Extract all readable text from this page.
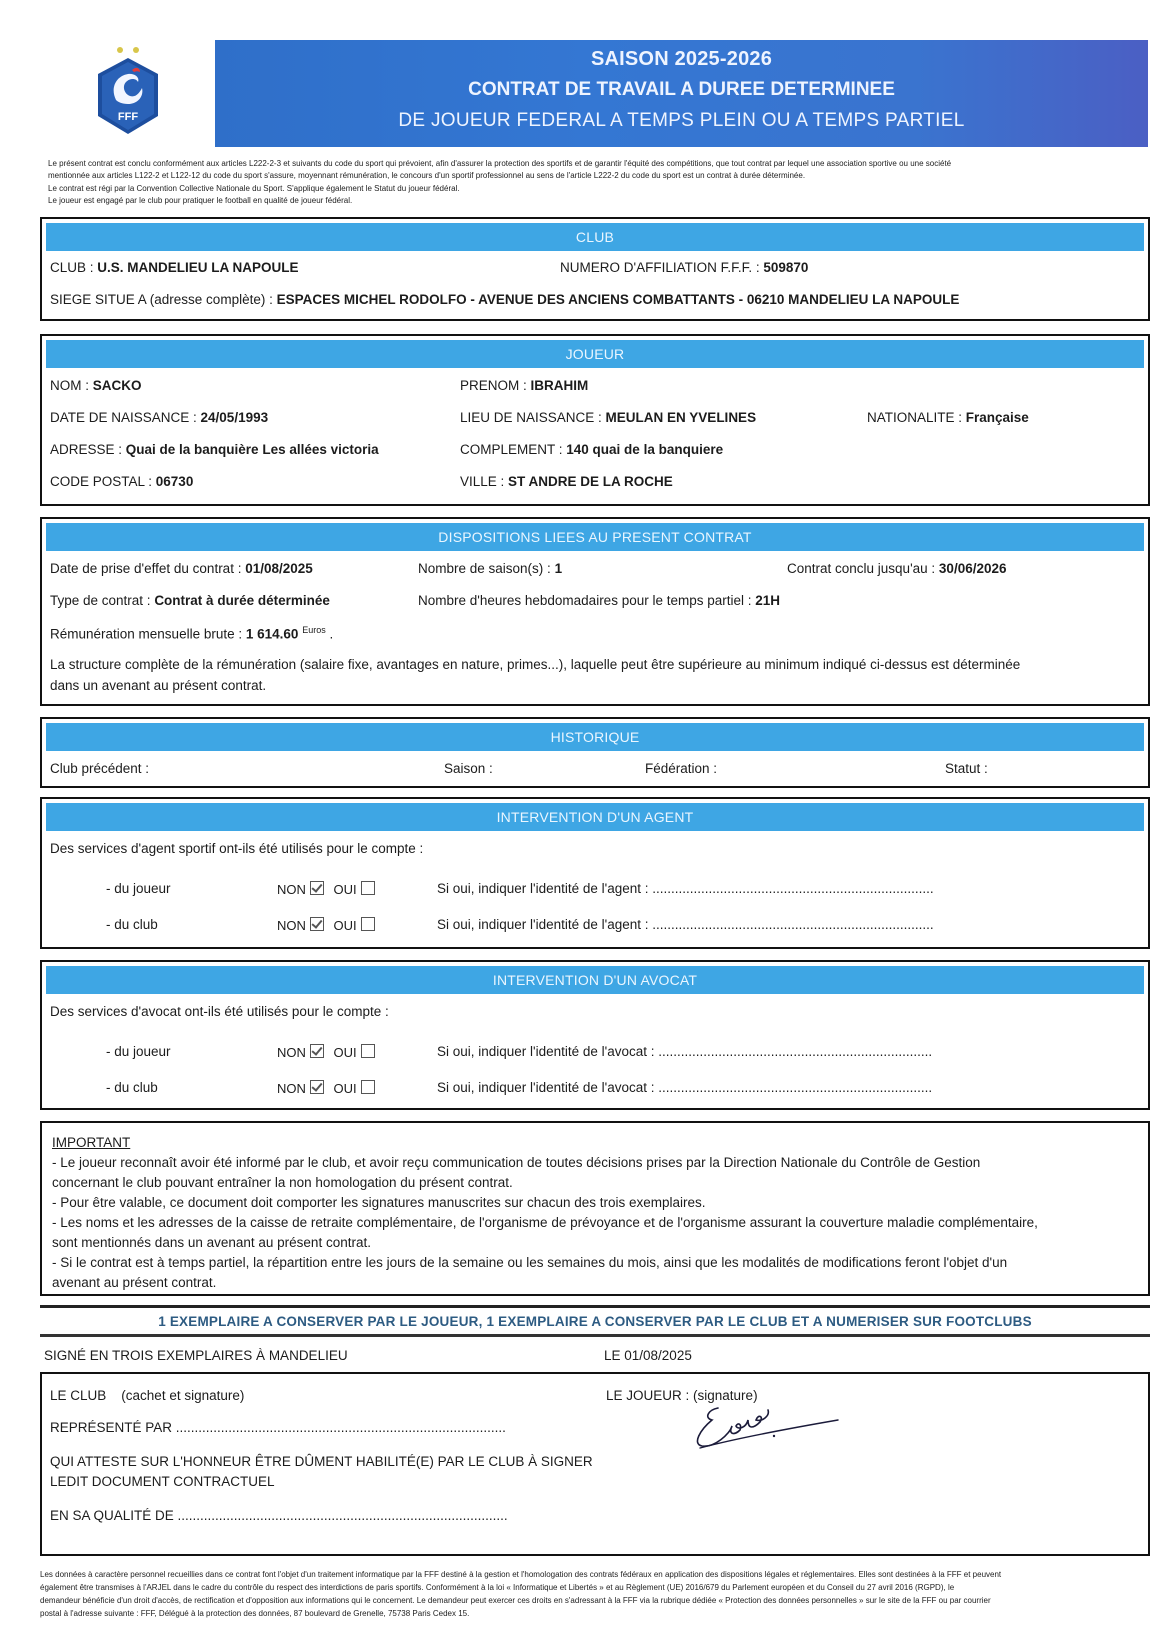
FFF
SAISON 2025-2026
CONTRAT DE TRAVAIL A DUREE DETERMINEE
DE JOUEUR FEDERAL A TEMPS PLEIN OU A TEMPS PARTIEL

Le présent contrat est conclu conformément aux articles L222-2-3 et suivants du code du sport qui prévoient, afin d'assurer la protection des sportifs et de garantir l'équité des compétitions, que tout contrat par lequel une association sportive ou une société

mentionnée aux articles L122-2 et L122-12 du code du sport s'assure, moyennant rémunération, le concours d'un sportif professionnel au sens de l'article L222-2 du code du sport est un contrat à durée déterminée.

Le contrat est régi par la Convention Collective Nationale du Sport. S'applique également le Statut du joueur fédéral.

Le joueur est engagé par le club pour pratiquer le football en qualité de joueur fédéral.

CLUB
CLUB : U.S. MANDELIEU LA NAPOULE	NUMERO D'AFFILIATION F.F.F. : 509870
SIEGE SITUE A (adresse complète) : ESPACES MICHEL RODOLFO - AVENUE DES ANCIENS COMBATTANTS - 06210 MANDELIEU LA NAPOULE
JOUEUR
NOM : SACKO	PRENOM : IBRAHIM
DATE DE NAISSANCE : 24/05/1993	LIEU DE NAISSANCE : MEULAN EN YVELINES	NATIONALITE : Française
ADRESSE : Quai de la banquière Les allées victoria	COMPLEMENT : 140 quai de la banquiere
CODE POSTAL : 06730	VILLE : ST ANDRE DE LA ROCHE
DISPOSITIONS LIEES AU PRESENT CONTRAT
Date de prise d'effet du contrat : 01/08/2025	Nombre de saison(s) : 1	Contrat conclu jusqu'au : 30/06/2026
Type de contrat : Contrat à durée déterminée	Nombre d'heures hebdomadaires pour le temps partiel : 21H
Rémunération mensuelle brute : 1 614.60 $^{Euros}$ .
La structure complète de la rémunération (salaire fixe, avantages en nature, primes...), laquelle peut être supérieure au minimum indiqué ci-dessus est déterminée
dans un avenant au présent contrat.
HISTORIQUE
Club précédent :	Saison :	Fédération :	Statut :
INTERVENTION D'UN AGENT
Des services d'agent sportif ont-ils été utilisés pour le compte :
- du joueur	NON OUI	Si oui, indiquer l'identité de l'agent : ...........................................................................
- du club	NON OUI	Si oui, indiquer l'identité de l'agent : ...........................................................................
INTERVENTION D'UN AVOCAT
Des services d'avocat ont-ils été utilisés pour le compte :
- du joueur	NON OUI	Si oui, indiquer l'identité de l'avocat : .........................................................................
- du club	NON OUI	Si oui, indiquer l'identité de l'avocat : .........................................................................
IMPORTANT
- Le joueur reconnaît avoir été informé par le club, et avoir reçu communication de toutes décisions prises par la Direction Nationale du Contrôle de Gestion
concernant le club pouvant entraîner la non homologation du présent contrat.
- Pour être valable, ce document doit comporter les signatures manuscrites sur chacun des trois exemplaires.
- Les noms et les adresses de la caisse de retraite complémentaire, de l'organisme de prévoyance et de l'organisme assurant la couverture maladie complémentaire,
sont mentionnés dans un avenant au présent contrat.
- Si le contrat est à temps partiel, la répartition entre les jours de la semaine ou les semaines du mois, ainsi que les modalités de modifications feront l'objet d'un
avenant au présent contrat.
1 EXEMPLAIRE A CONSERVER PAR LE JOUEUR, 1 EXEMPLAIRE A CONSERVER PAR LE CLUB ET A NUMERISER SUR FOOTCLUBS
SIGNÉ EN TROIS EXEMPLAIRES À MANDELIEU	LE 01/08/2025
LE CLUB (cachet et signature)
REPRÉSENTÉ PAR ........................................................................................
QUI ATTESTE SUR L'HONNEUR ÊTRE DÛMENT HABILITÉ(E) PAR LE CLUB À SIGNER
LEDIT DOCUMENT CONTRACTUEL
EN SA QUALITÉ DE ........................................................................................
LE JOUEUR : (signature)

Les données à caractère personnel recueillies dans ce contrat font l'objet d'un traitement informatique par la FFF destiné à la gestion et l'homologation des contrats fédéraux en application des dispositions légales et réglementaires. Elles sont destinées à la FFF et peuvent

également être transmises à l'ARJEL dans le cadre du contrôle du respect des interdictions de paris sportifs. Conformément à la loi « Informatique et Libertés » et au Règlement (UE) 2016/679 du Parlement européen et du Conseil du 27 avril 2016 (RGPD), le

demandeur bénéficie d'un droit d'accès, de rectification et d'opposition aux informations qui le concernent. Le demandeur peut exercer ces droits en s'adressant à la FFF via la rubrique dédiée « Protection des données personnelles » sur le site de la FFF ou par courrier

postal à l'adresse suivante : FFF, Délégué à la protection des données, 87 boulevard de Grenelle, 75738 Paris Cedex 15.
